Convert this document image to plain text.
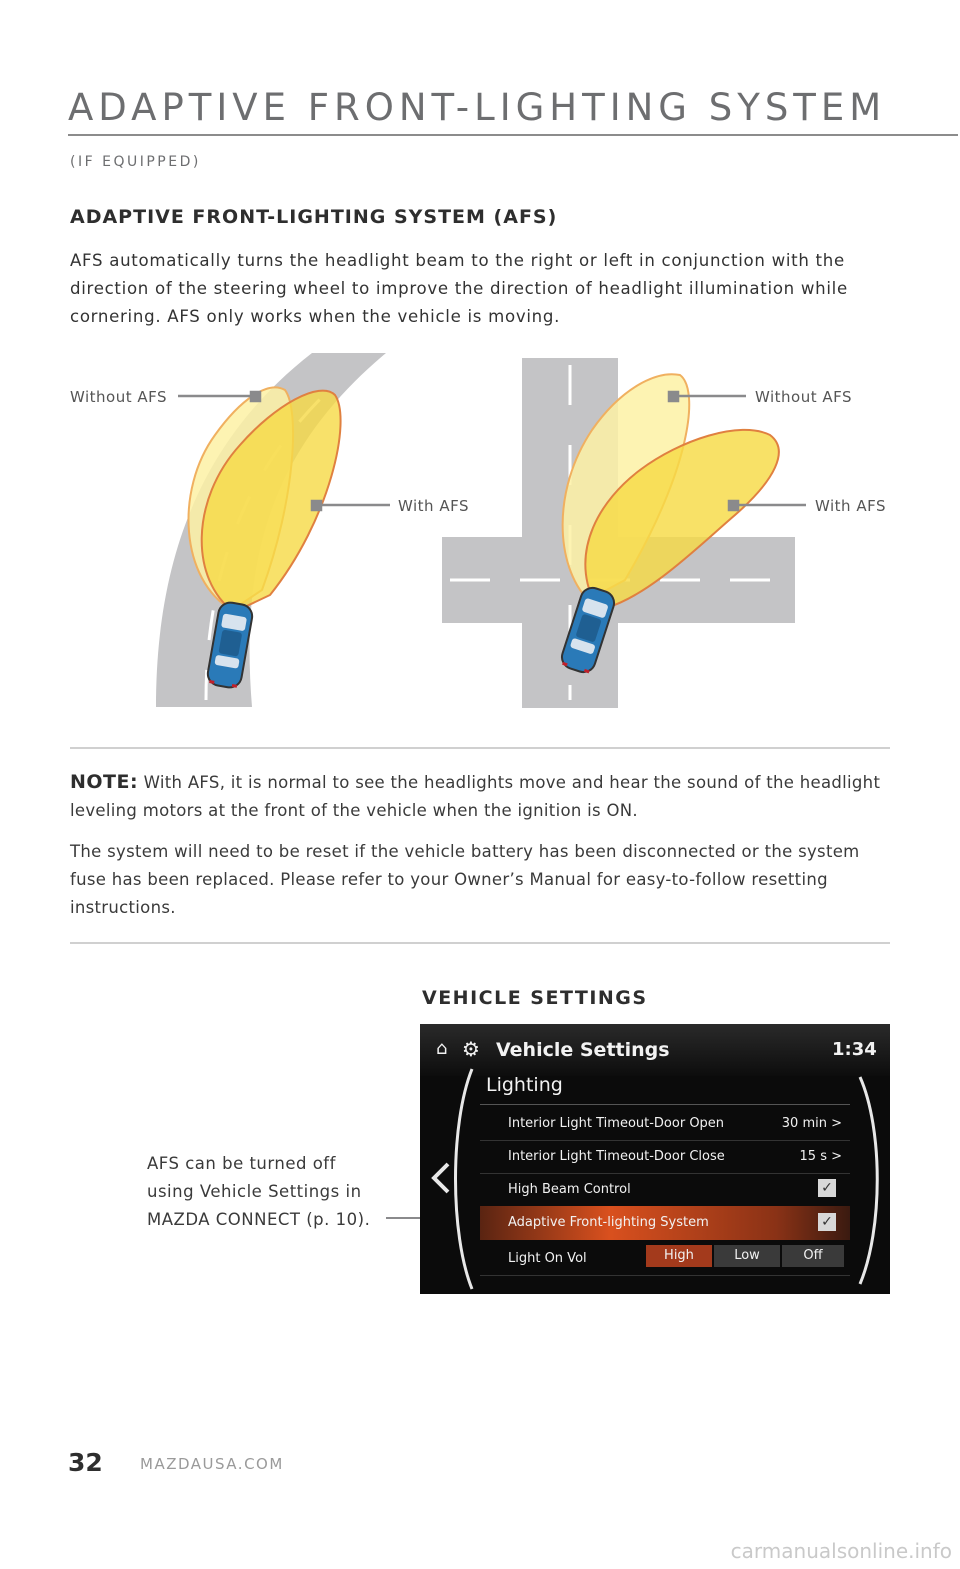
ADAPTIVE FRONT-LIGHTING SYSTEM
(IF EQUIPPED)
ADAPTIVE FRONT-LIGHTING SYSTEM (AFS)

AFS automatically turns the headlight beam to the right or left in conjunction with the direction of the steering wheel to improve the direction of headlight illumination while cornering. AFS only works when the vehicle is moving.

Without AFS
With AFS
Without AFS
With AFS

NOTE: With AFS, it is normal to see the headlights move and hear the sound of the headlight leveling motors at the front of the vehicle when the ignition is ON.

The system will need to be reset if the vehicle battery has been disconnected or the system fuse has been replaced. Please refer to your Owner’s Manual for easy-to-follow resetting instructions.

VEHICLE SETTINGS

AFS can be turned off using Vehicle Settings in MAZDA CONNECT (p. 10).

⌂ ⚙ Vehicle Settings	1:34
Lighting
Interior Light Timeout-Door Open	30 min >
Interior Light Timeout-Door Close	15 s >
High Beam Control	✓
Adaptive Front-lighting System	✓
Light On Vol	High	Low	Off
32 MAZDAUSA.COM
carmanualsonline.info
